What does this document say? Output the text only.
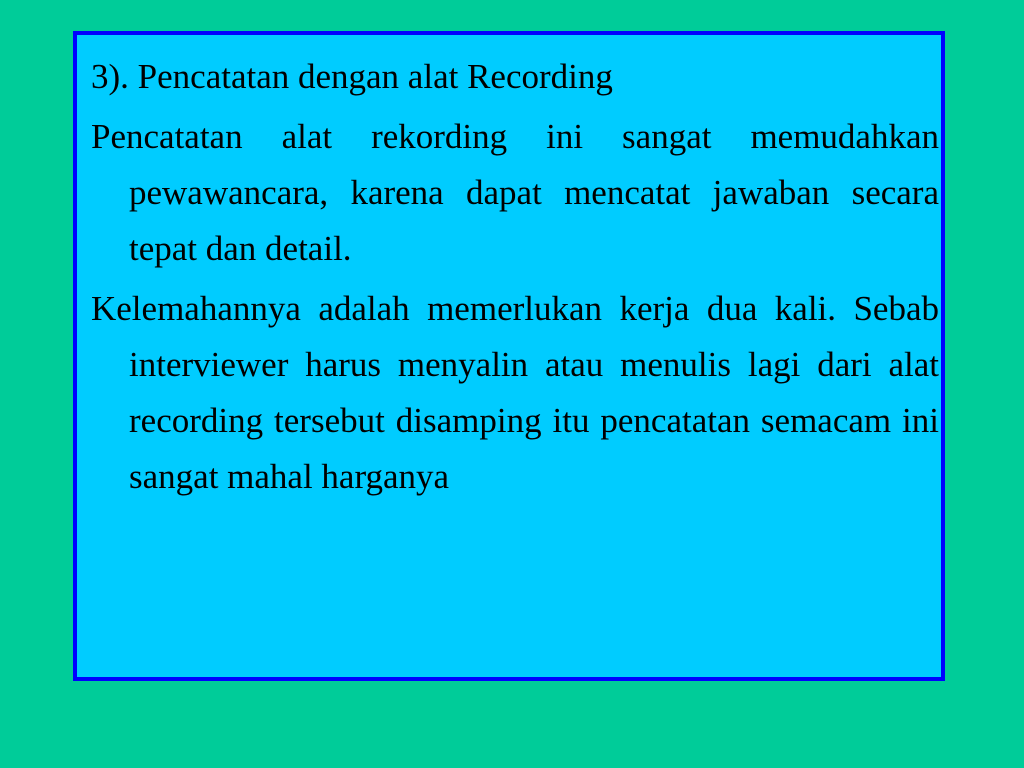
3). Pencatatan dengan alat Recording

Pencatatan alat rekording ini sangat memudahkan pewawancara, karena dapat mencatat jawaban secara tepat dan detail.

Kelemahannya adalah memerlukan kerja dua kali. Sebab interviewer harus menyalin atau menulis lagi dari alat recording tersebut disamping itu pencatatan semacam ini sangat mahal harganya
